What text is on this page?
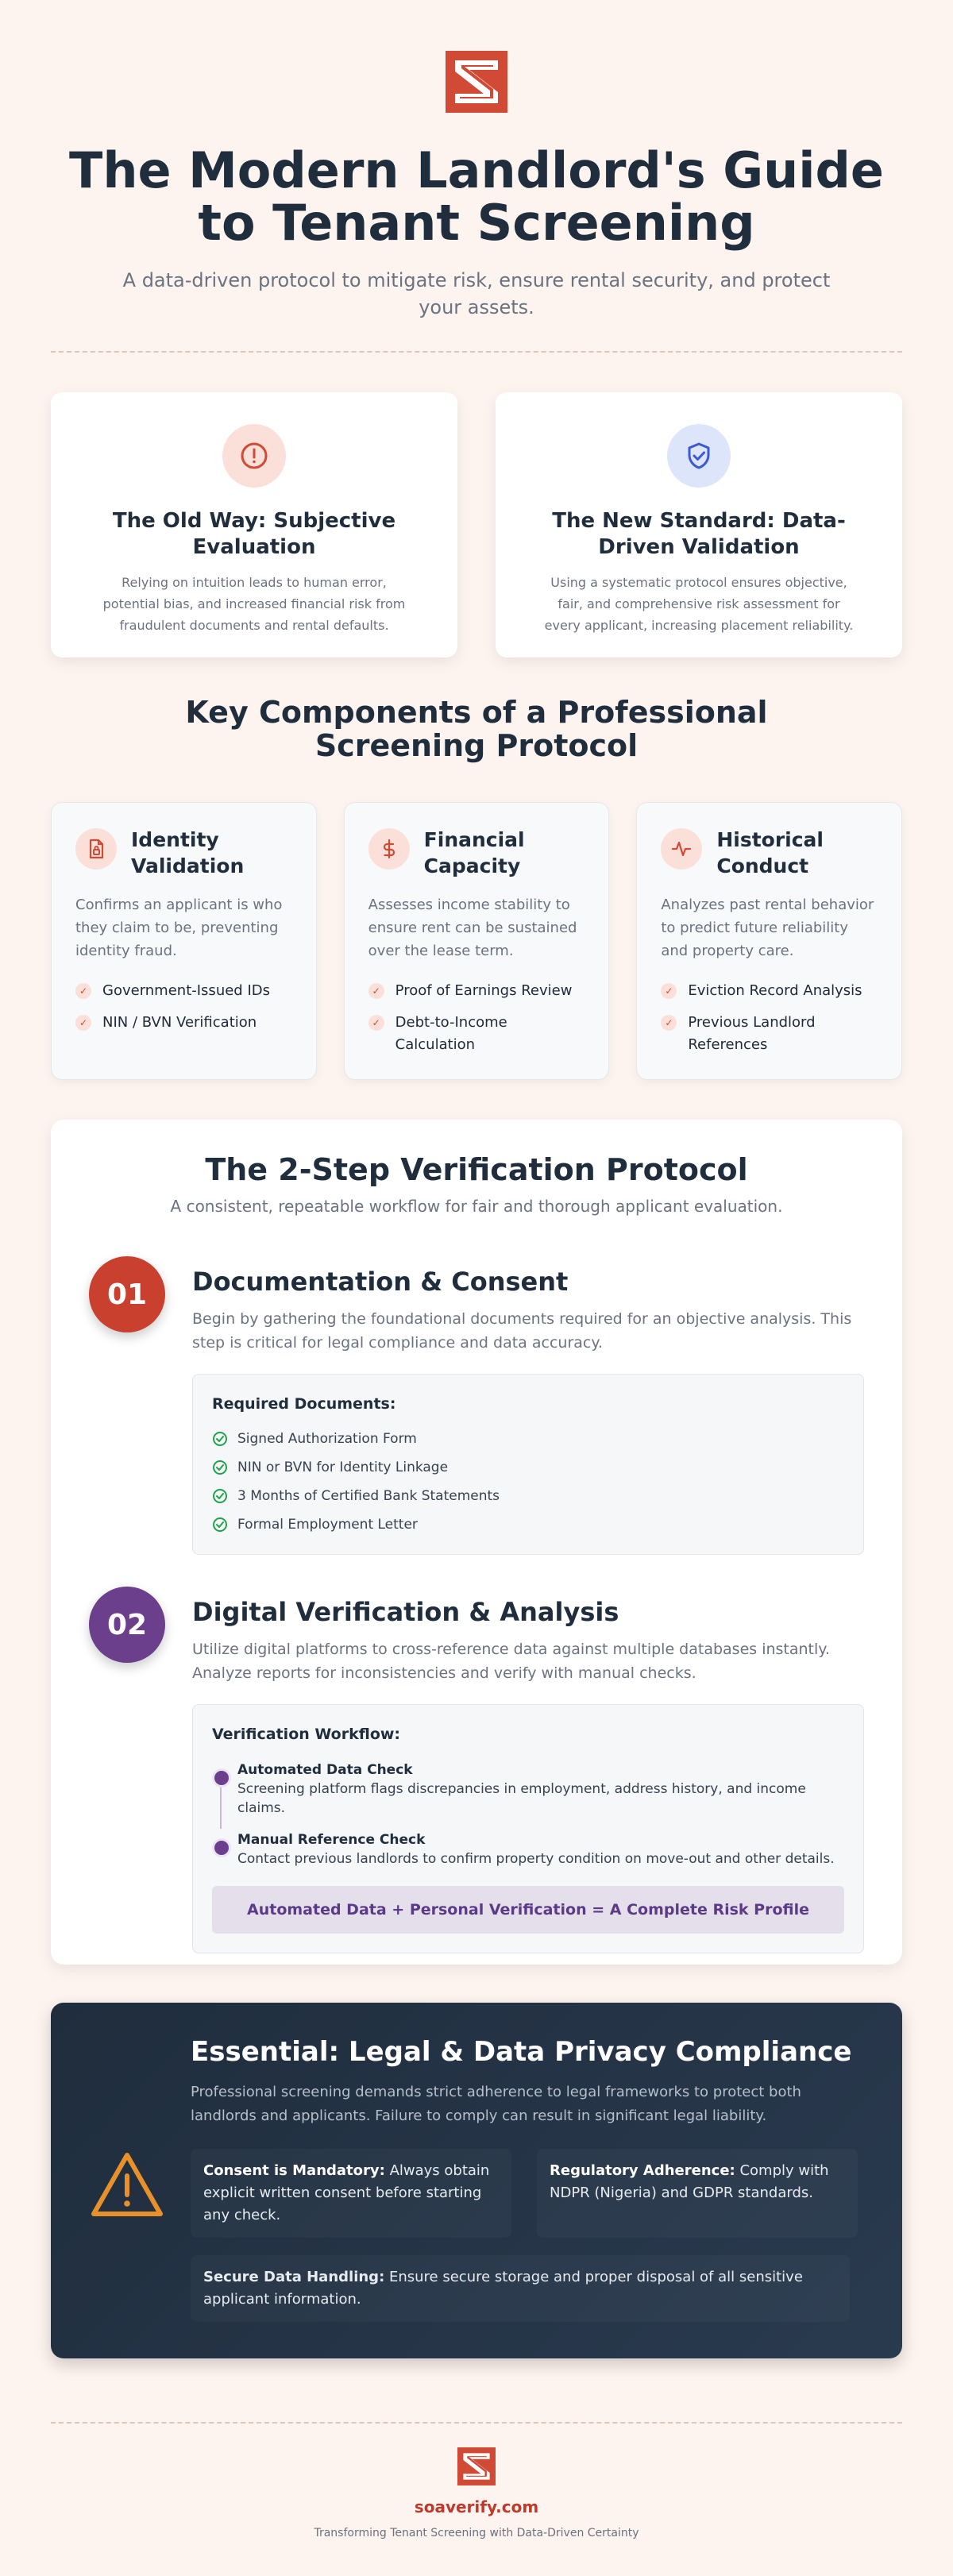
The Modern Landlord's Guide to Tenant Screening

A data-driven protocol to mitigate risk, ensure rental security, and protect your assets.

The Old Way: Subjective Evaluation
Relying on intuition leads to human error, potential bias, and increased financial risk from fraudulent documents and rental defaults.
The New Standard: Data-Driven Validation
Using a systematic protocol ensures objective, fair, and comprehensive risk assessment for every applicant, increasing placement reliability.
Key Components of a Professional Screening Protocol
Identity Validation
Confirms an applicant is who they claim to be, preventing identity fraud.
✓ Government-Issued IDs
✓ NIN / BVN Verification
Financial Capacity
Assesses income stability to ensure rent can be sustained over the lease term.
✓ Proof of Earnings Review
✓ Debt-to-Income Calculation
Historical Conduct
Analyzes past rental behavior to predict future reliability and property care.
✓ Eviction Record Analysis
✓ Previous Landlord References
The 2-Step Verification Protocol

A consistent, repeatable workflow for fair and thorough applicant evaluation.

01	Documentation & Consent
Begin by gathering the foundational documents required for an objective analysis. This step is critical for legal compliance and data accuracy.
Required Documents:
Signed Authorization Form
NIN or BVN for Identity Linkage
3 Months of Certified Bank Statements
Formal Employment Letter
02	Digital Verification & Analysis
Utilize digital platforms to cross-reference data against multiple databases instantly. Analyze reports for inconsistencies and verify with manual checks.
Verification Workflow:
Automated Data Check
Screening platform flags discrepancies in employment, address history, and income claims.
Manual Reference Check
Contact previous landlords to confirm property condition on move-out and other details.
Automated Data + Personal Verification = A Complete Risk Profile
Essential: Legal & Data Privacy Compliance

Professional screening demands strict adherence to legal frameworks to protect both landlords and applicants. Failure to comply can result in significant legal liability.

Consent is Mandatory: Always obtain explicit written consent before starting any check.
Regulatory Adherence: Comply with NDPR (Nigeria) and GDPR standards.
Secure Data Handling: Ensure secure storage and proper disposal of all sensitive applicant information.
soaverify.com
Transforming Tenant Screening with Data-Driven Certainty
